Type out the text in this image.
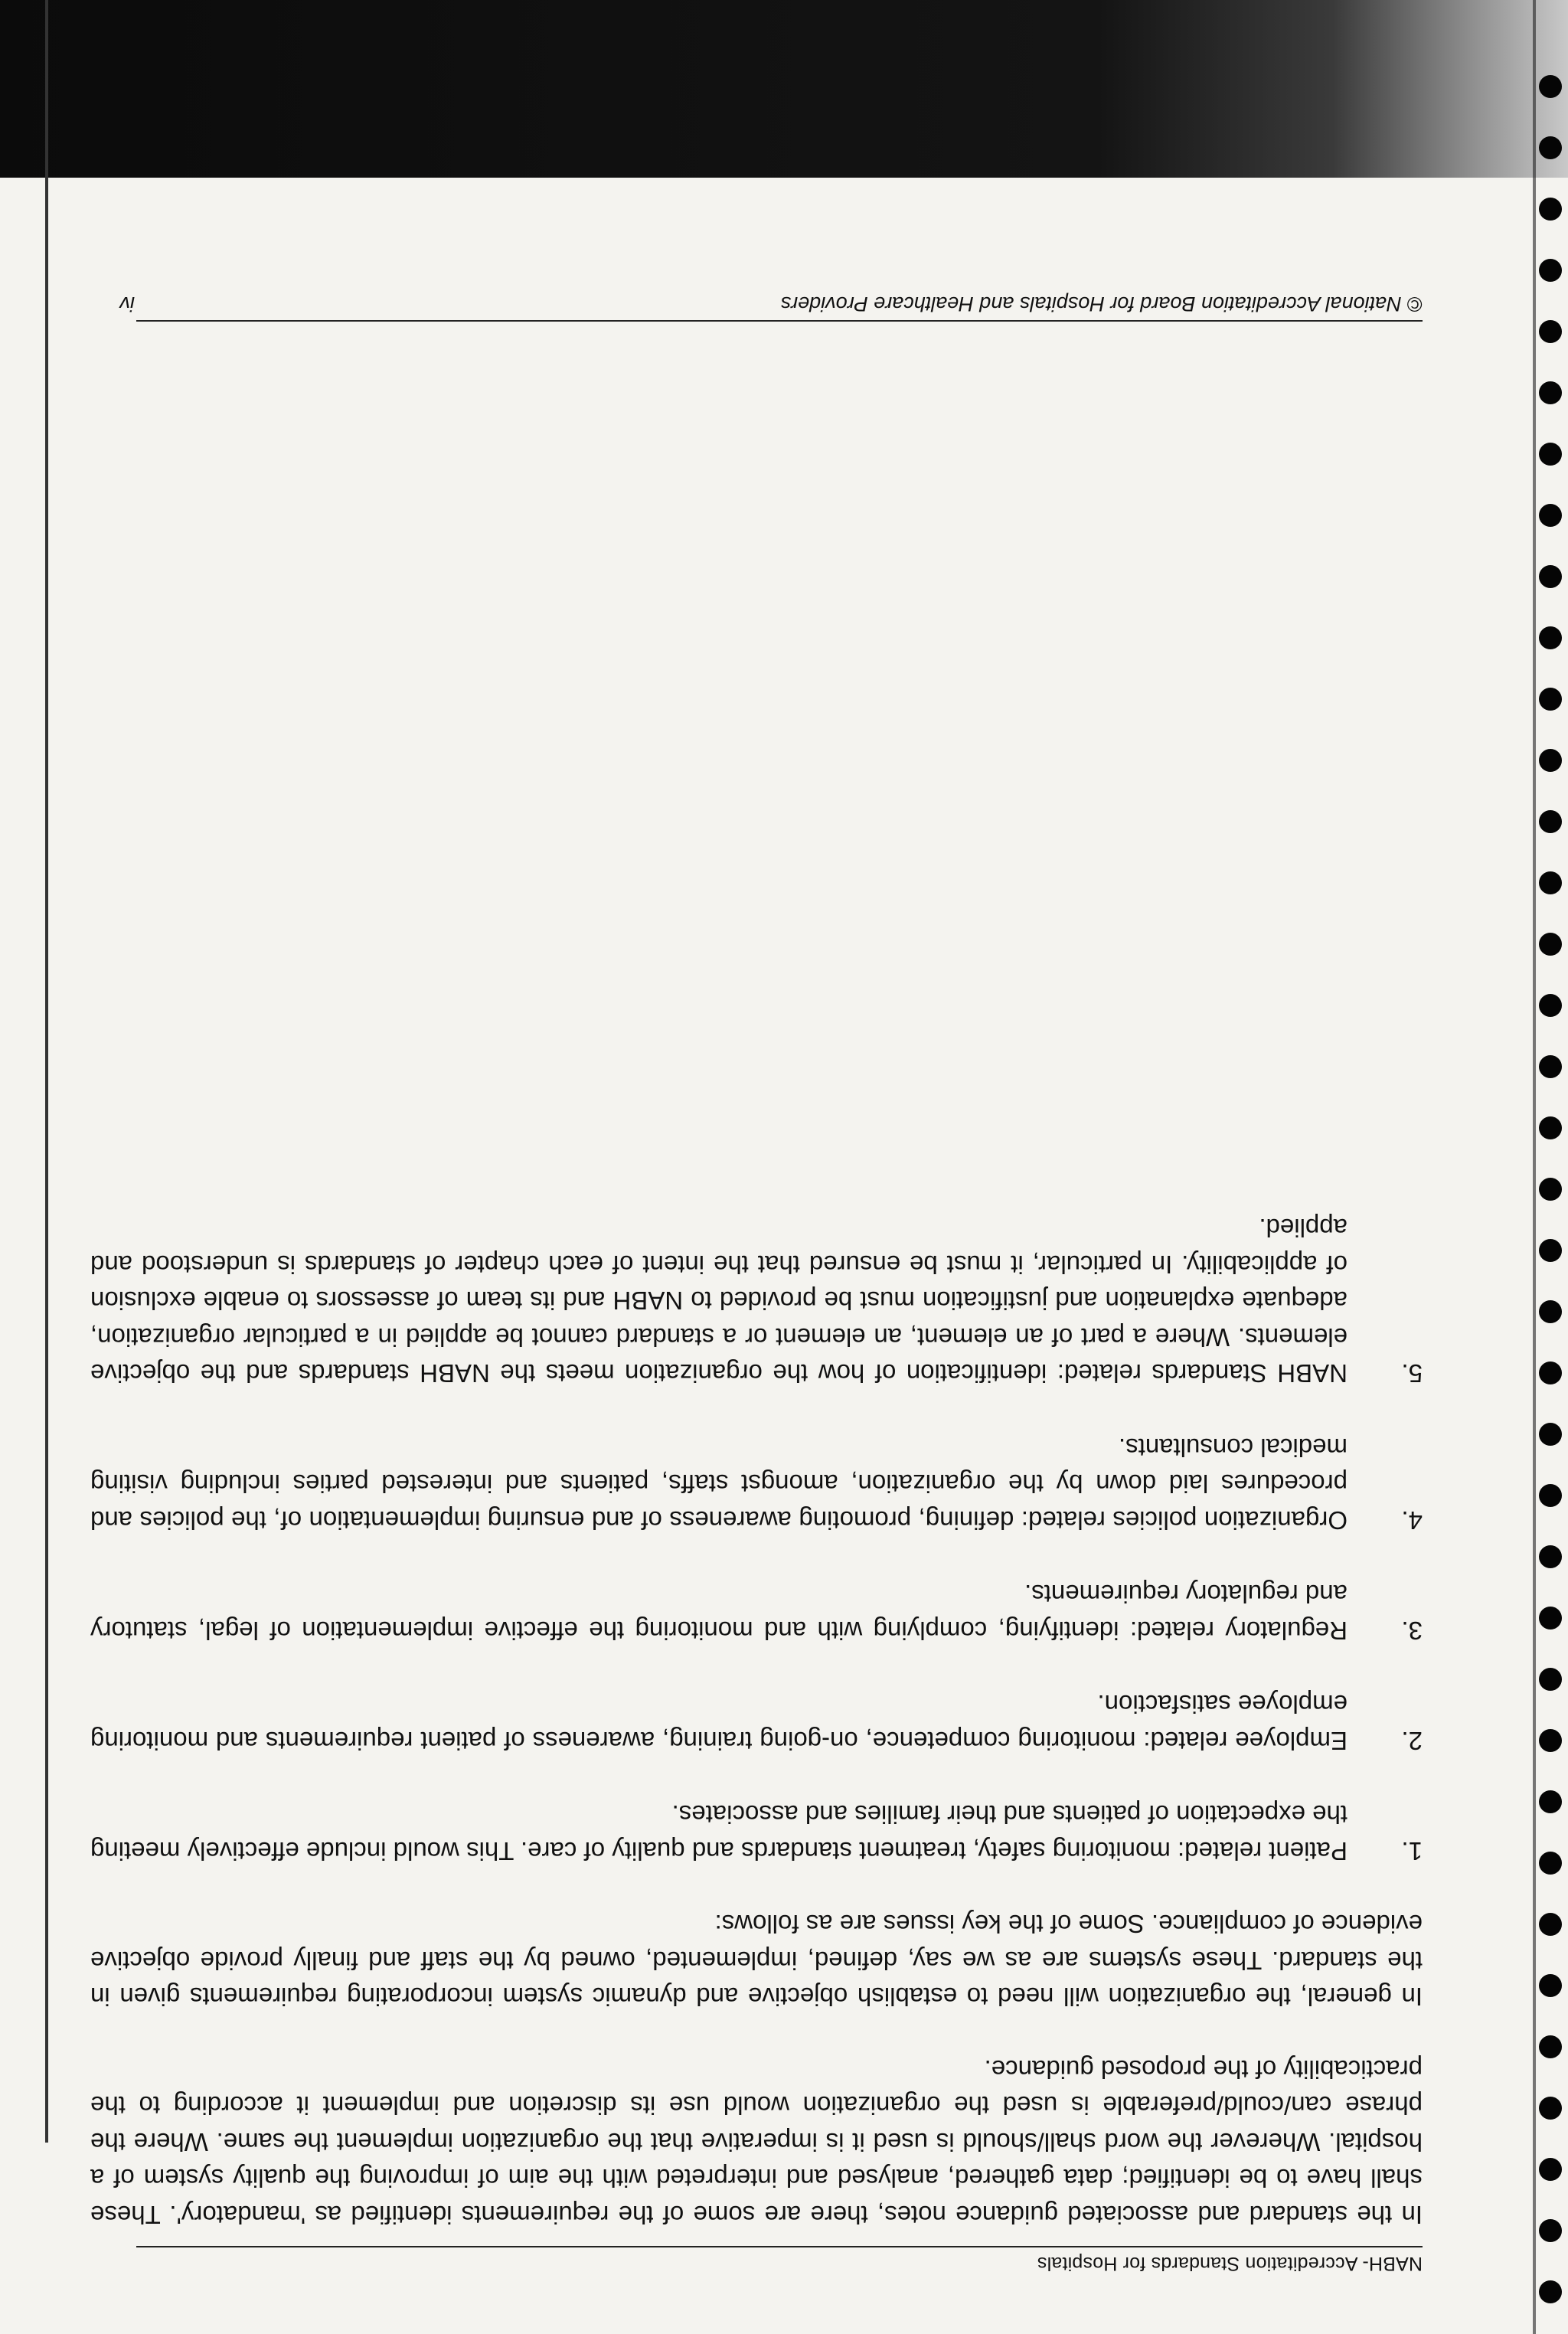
NABH- Accreditation Standards for Hospitals

In the standard and associated guidance notes, there are some of the requirements identified as 'mandatory'. These shall have to be identified; data gathered, analysed and interpreted with the aim of improving the quality system of a hospital. Wherever the word shall/should is used it is imperative that the organization implement the same. Where the phrase can/could/preferable is used the organization would use its discretion and implement it according to the practicability of the proposed guidance.

In general, the organization will need to establish objective and dynamic system incorporating requirements given in the standard. These systems are as we say, defined, implemented, owned by the staff and finally provide objective evidence of compliance. Some of the key issues are as follows:

1.
Patient related: monitoring safety, treatment standards and quality of care. This would include effectively meeting the expectation of patients and their families and associates.
2.
Employee related: monitoring competence, on-going training, awareness of patient requirements and monitoring employee satisfaction.
3.
Regulatory related: identifying, complying with and monitoring the effective implementation of legal, statutory and regulatory requirements.
4.
Organization policies related: defining, promoting awareness of and ensuring implementation of, the policies and procedures laid down by the organization, amongst staffs, patients and interested parties including visiting medical consultants.
5.
NABH Standards related: identification of how the organization meets the NABH standards and the objective elements. Where a part of an element, an element or a standard cannot be applied in a particular organization, adequate explanation and justification must be provided to NABH and its team of assessors to enable exclusion of applicability. In particular, it must be ensured that the intent of each chapter of standards is understood and applied.
© National Accreditation Board for Hospitals and Healthcare Providers
iv
